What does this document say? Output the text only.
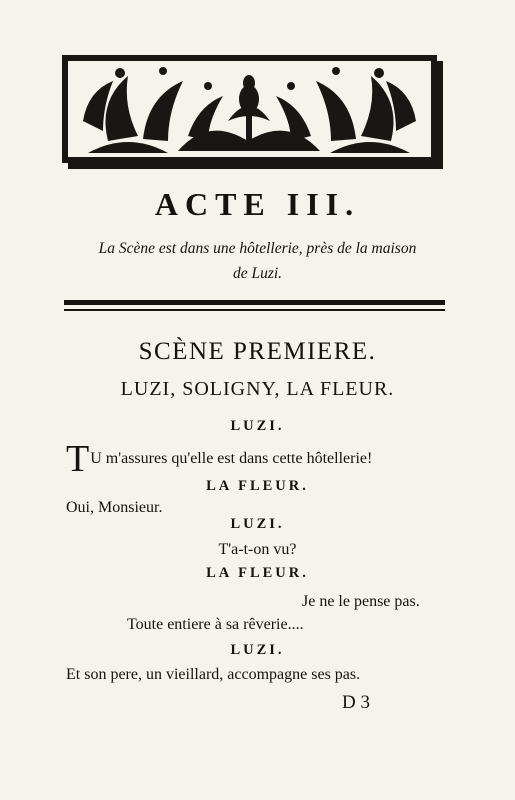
ACTE III.
La Scène est dans une hôtellerie, près de la maison
de Luzi.
SCÈNE PREMIERE.
LUZI, SOLIGNY, LA FLEUR.
LUZI.
TU m'assures qu'elle est dans cette hôtellerie!
LA FLEUR.
Oui, Monsieur.
LUZI.
T'a-t-on vu?
LA FLEUR.
Je ne le pense pas.
Toute entiere à sa rêverie....
LUZI.
Et son pere, un vieillard, accompagne ses pas.
D 3
